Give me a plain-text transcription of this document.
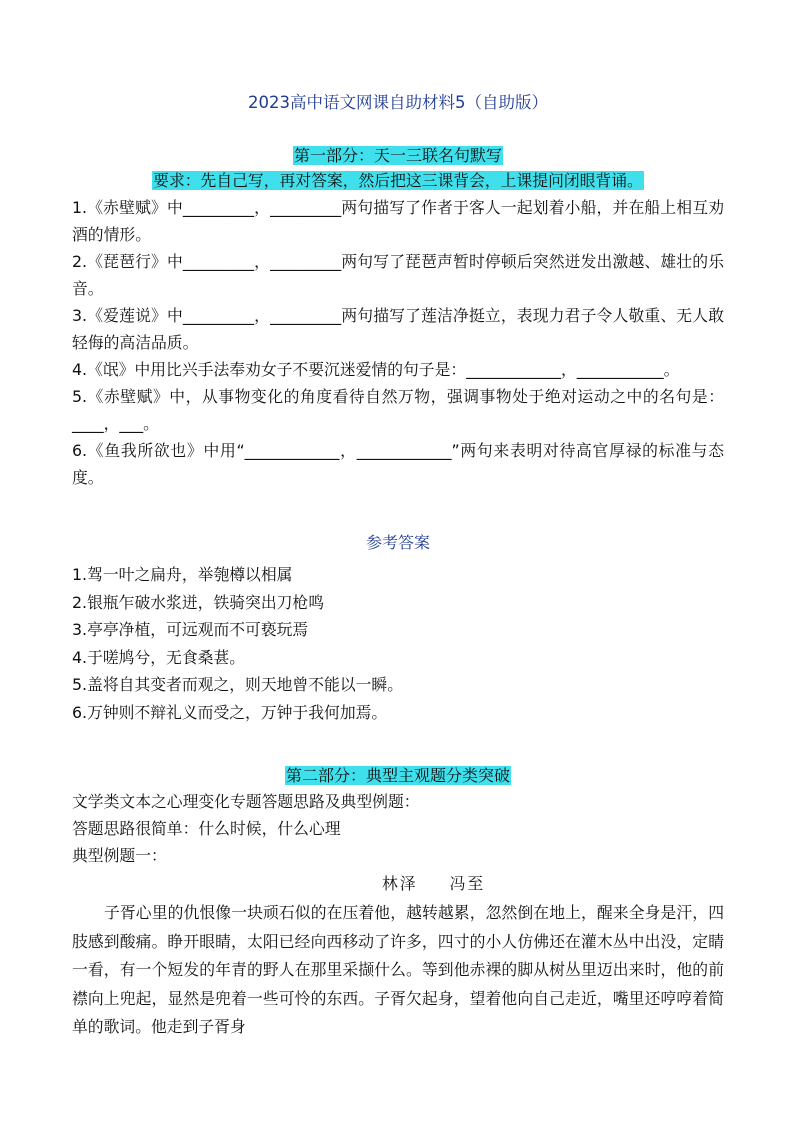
2023高中语文网课自助材料5（自助版）

第一部分：天一三联名句默写

要求：先自己写，再对答案，然后把这三课背会，上课提问闭眼背诵。

1.《赤壁赋》中_________，_________两句描写了作者于客人一起划着小船，并在船上相互劝酒的情形。

2.《琵琶行》中_________，_________两句写了琵琶声暂时停顿后突然迸发出激越、雄壮的乐音。

3.《爱莲说》中_________，_________两句描写了莲洁净挺立，表现力君子令人敬重、无人敢轻侮的高洁品质。

4.《氓》中用比兴手法奉劝女子不要沉迷爱情的句子是：____________，___________。

5.《赤壁赋》中，从事物变化的角度看待自然万物，强调事物处于绝对运动之中的名句是：____，___。

6.《鱼我所欲也》中用“____________，____________”两句来表明对待高官厚禄的标准与态度。

参考答案

1.驾一叶之扁舟，举匏樽以相属

2.银瓶乍破水浆迸，铁骑突出刀枪鸣

3.亭亭净植，可远观而不可亵玩焉

4.于嗟鸠兮，无食桑葚。

5.盖将自其变者而观之，则天地曾不能以一瞬。

6.万钟则不辩礼义而受之，万钟于我何加焉。

第二部分：典型主观题分类突破

文学类文本之心理变化专题答题思路及典型例题：

答题思路很简单：什么时候，什么心理

典型例题一：

林泽 冯至

子胥心里的仇恨像一块顽石似的在压着他，越转越累，忽然倒在地上，醒来全身是汗，四肢感到酸痛。睁开眼睛，太阳已经向西移动了许多，四寸的小人仿佛还在灌木丛中出没，定睛一看，有一个短发的年青的野人在那里采撷什么。等到他赤裸的脚从树丛里迈出来时，他的前襟向上兜起，显然是兜着一些可怜的东西。子胥欠起身，望着他向自己走近，嘴里还哼哼着简单的歌词。他走到子胥身
